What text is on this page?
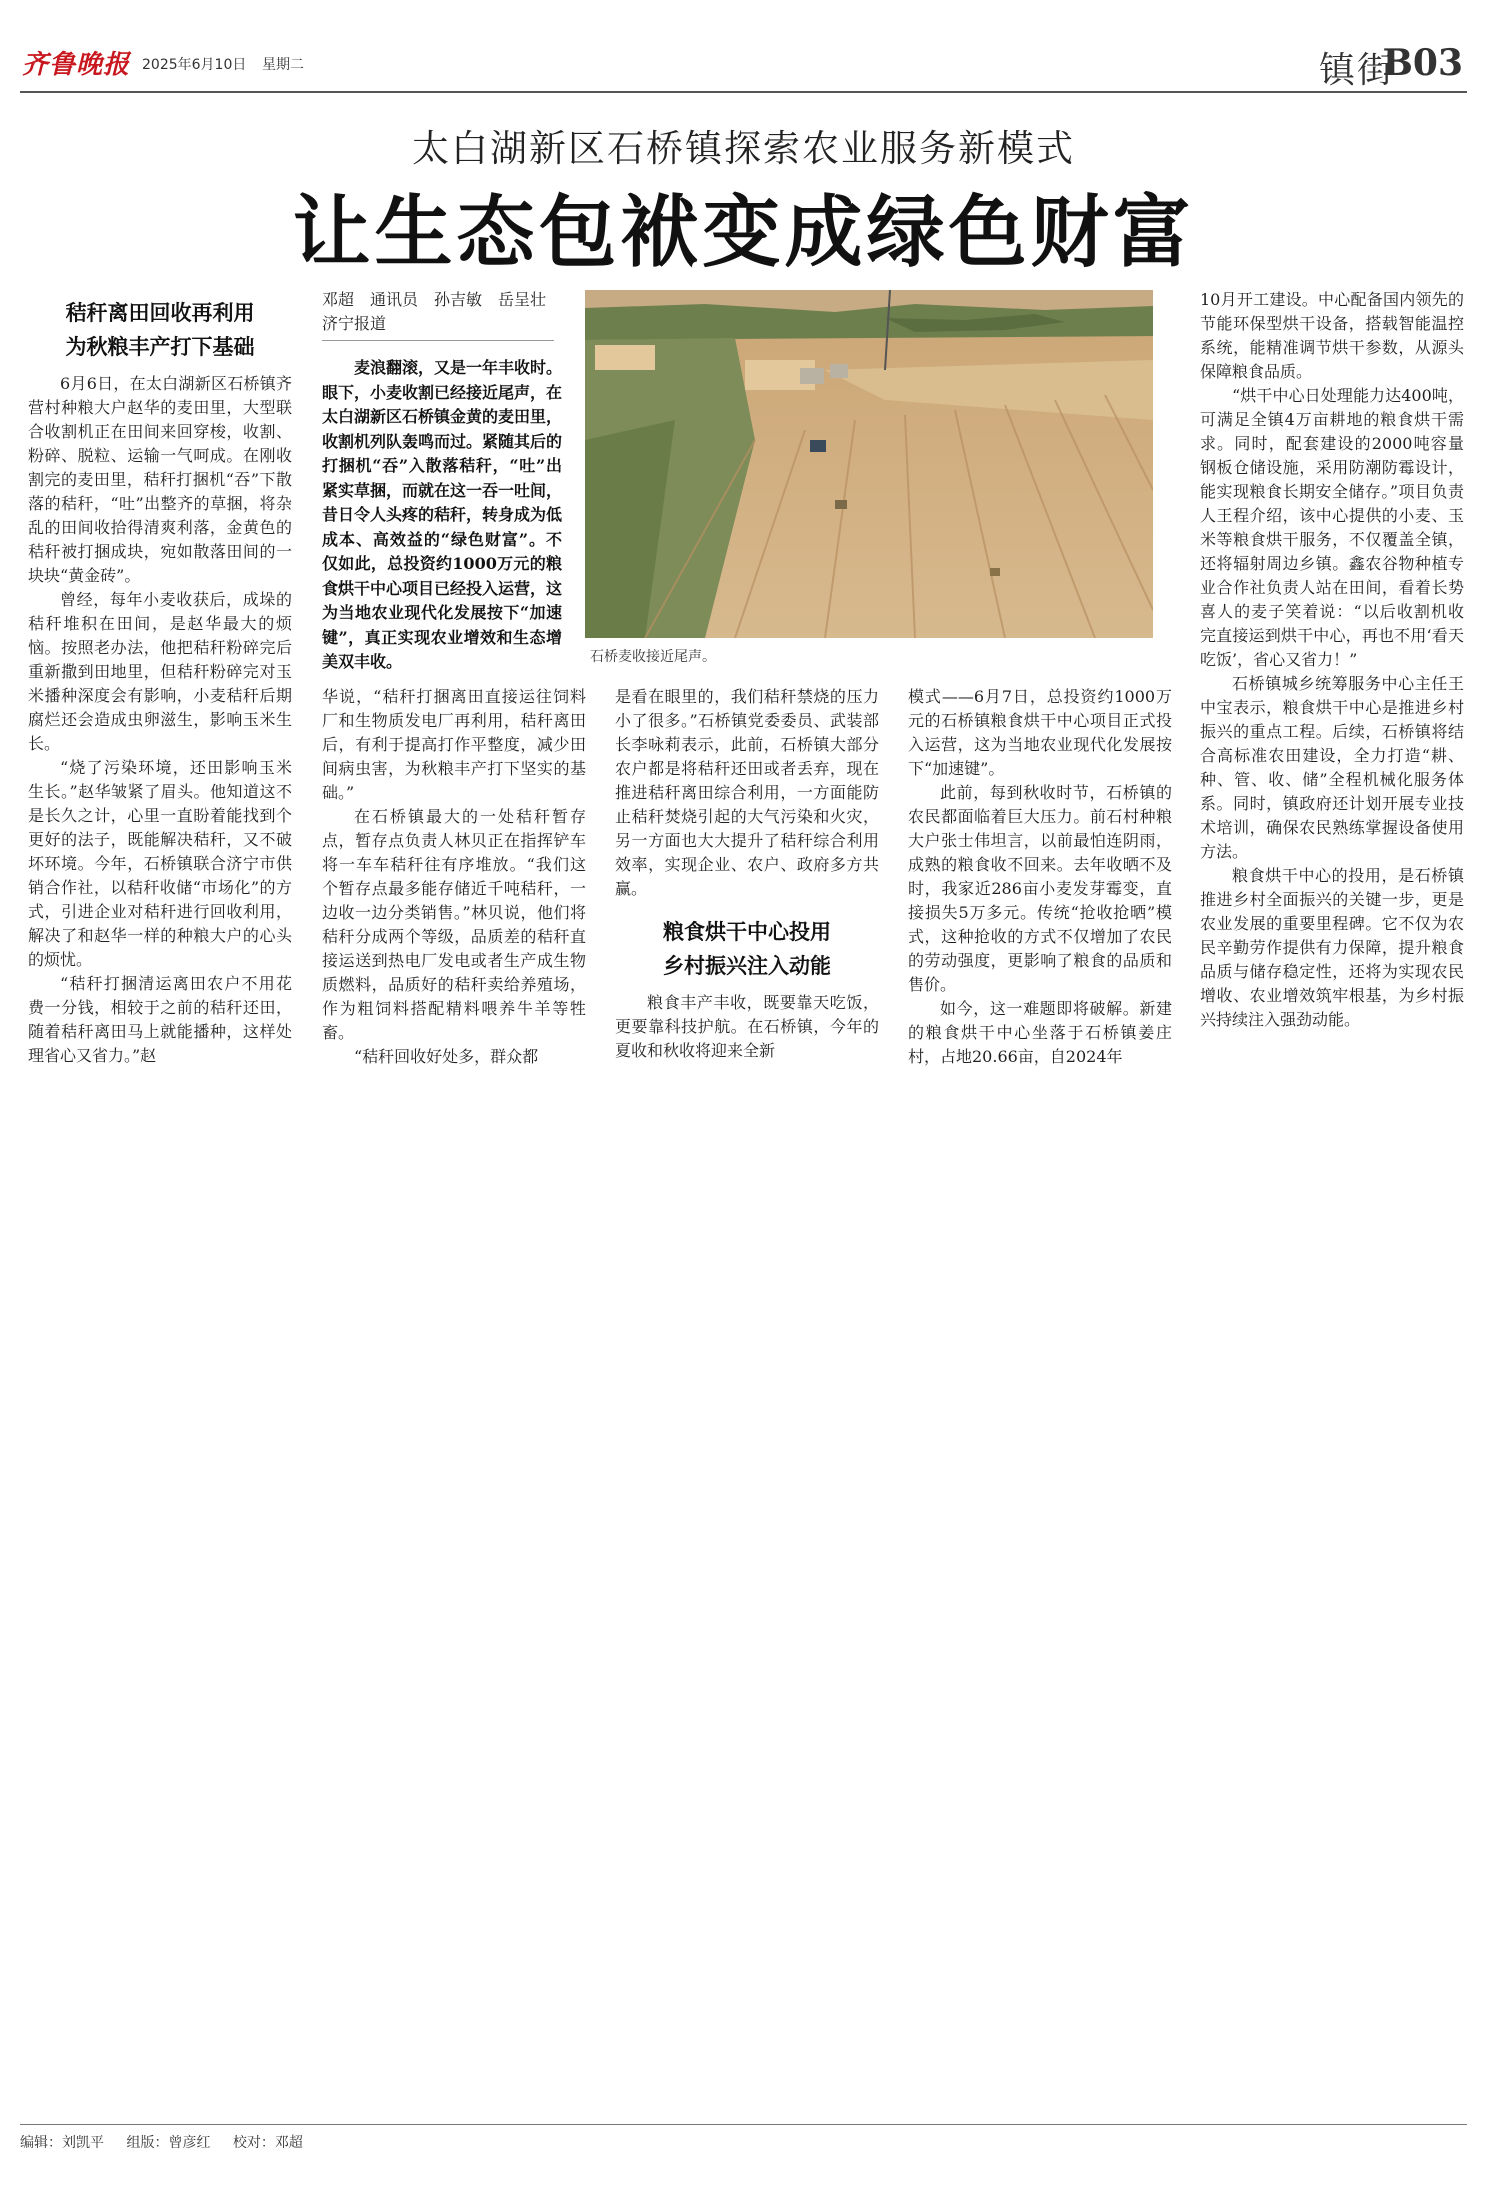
齐鲁晚报 2025年6月10日 星期二	镇街
B03
太白湖新区石桥镇探索农业服务新模式
让生态包袱变成绿色财富
秸秆离田回收再利用
为秋粮丰产打下基础

6月6日，在太白湖新区石桥镇齐营村种粮大户赵华的麦田里，大型联合收割机正在田间来回穿梭，收割、粉碎、脱粒、运输一气呵成。在刚收割完的麦田里，秸秆打捆机“吞”下散落的秸秆，“吐”出整齐的草捆，将杂乱的田间收拾得清爽利落，金黄色的秸秆被打捆成块，宛如散落田间的一块块“黄金砖”。

曾经，每年小麦收获后，成垛的秸秆堆积在田间，是赵华最大的烦恼。按照老办法，他把秸秆粉碎完后重新撒到田地里，但秸秆粉碎完对玉米播种深度会有影响，小麦秸秆后期腐烂还会造成虫卵滋生，影响玉米生长。

“烧了污染环境，还田影响玉米生长。”赵华皱紧了眉头。他知道这不是长久之计，心里一直盼着能找到个更好的法子，既能解决秸秆，又不破坏环境。今年，石桥镇联合济宁市供销合作社，以秸秆收储“市场化”的方式，引进企业对秸秆进行回收利用，解决了和赵华一样的种粮大户的心头的烦忧。

“秸秆打捆清运离田农户不用花费一分钱，相较于之前的秸秆还田，随着秸秆离田马上就能播种，这样处理省心又省力。”赵

邓超　通讯员　孙吉敏　岳呈壮　济宁报道

麦浪翻滚，又是一年丰收时。眼下，小麦收割已经接近尾声，在太白湖新区石桥镇金黄的麦田里，收割机列队轰鸣而过。紧随其后的打捆机“吞”入散落秸秆，“吐”出紧实草捆，而就在这一吞一吐间，昔日令人头疼的秸秆，转身成为低成本、高效益的“绿色财富”。不仅如此，总投资约1000万元的粮食烘干中心项目已经投入运营，这为当地农业现代化发展按下“加速键”，真正实现农业增效和生态增美双丰收。	石桥麦收接近尾声。

华说，“秸秆打捆离田直接运往饲料厂和生物质发电厂再利用，秸秆离田后，有利于提高打作平整度，减少田间病虫害，为秋粮丰产打下坚实的基础。”

在石桥镇最大的一处秸秆暂存点，暂存点负责人林贝正在指挥铲车将一车车秸秆往有序堆放。“我们这个暂存点最多能存储近千吨秸秆，一边收一边分类销售。”林贝说，他们将秸秆分成两个等级，品质差的秸秆直接运送到热电厂发电或者生产成生物质燃料，品质好的秸秆卖给养殖场，作为粗饲料搭配精料喂养牛羊等牲畜。

“秸秆回收好处多，群众都

是看在眼里的，我们秸秆禁烧的压力小了很多。”石桥镇党委委员、武装部长李咏莉表示，此前，石桥镇大部分农户都是将秸秆还田或者丢弃，现在推进秸秆离田综合利用，一方面能防止秸秆焚烧引起的大气污染和火灾，另一方面也大大提升了秸秆综合利用效率，实现企业、农户、政府多方共赢。

粮食烘干中心投用
乡村振兴注入动能

粮食丰产丰收，既要靠天吃饭，更要靠科技护航。在石桥镇，今年的夏收和秋收将迎来全新

模式——6月7日，总投资约1000万元的石桥镇粮食烘干中心项目正式投入运营，这为当地农业现代化发展按下“加速键”。

此前，每到秋收时节，石桥镇的农民都面临着巨大压力。前石村种粮大户张士伟坦言，以前最怕连阴雨，成熟的粮食收不回来。去年收晒不及时，我家近286亩小麦发芽霉变，直接损失5万多元。传统“抢收抢晒”模式，这种抢收的方式不仅增加了农民的劳动强度，更影响了粮食的品质和售价。

如今，这一难题即将破解。新建的粮食烘干中心坐落于石桥镇姜庄村，占地20.66亩，自2024年

10月开工建设。中心配备国内领先的节能环保型烘干设备，搭载智能温控系统，能精准调节烘干参数，从源头保障粮食品质。

“烘干中心日处理能力达400吨，可满足全镇4万亩耕地的粮食烘干需求。同时，配套建设的2000吨容量钢板仓储设施，采用防潮防霉设计，能实现粮食长期安全储存。”项目负责人王程介绍，该中心提供的小麦、玉米等粮食烘干服务，不仅覆盖全镇，还将辐射周边乡镇。鑫农谷物种植专业合作社负责人站在田间，看着长势喜人的麦子笑着说：“以后收割机收完直接运到烘干中心，再也不用‘看天吃饭’，省心又省力！”

石桥镇城乡统筹服务中心主任王中宝表示，粮食烘干中心是推进乡村振兴的重点工程。后续，石桥镇将结合高标准农田建设，全力打造“耕、种、管、收、储”全程机械化服务体系。同时，镇政府还计划开展专业技术培训，确保农民熟练掌握设备使用方法。

粮食烘干中心的投用，是石桥镇推进乡村全面振兴的关键一步，更是农业发展的重要里程碑。它不仅为农民辛勤劳作提供有力保障，提升粮食品质与储存稳定性，还将为实现农民增收、农业增效筑牢根基，为乡村振兴持续注入强劲动能。

编辑：刘凯平 组版：曾彦红 校对：邓超
